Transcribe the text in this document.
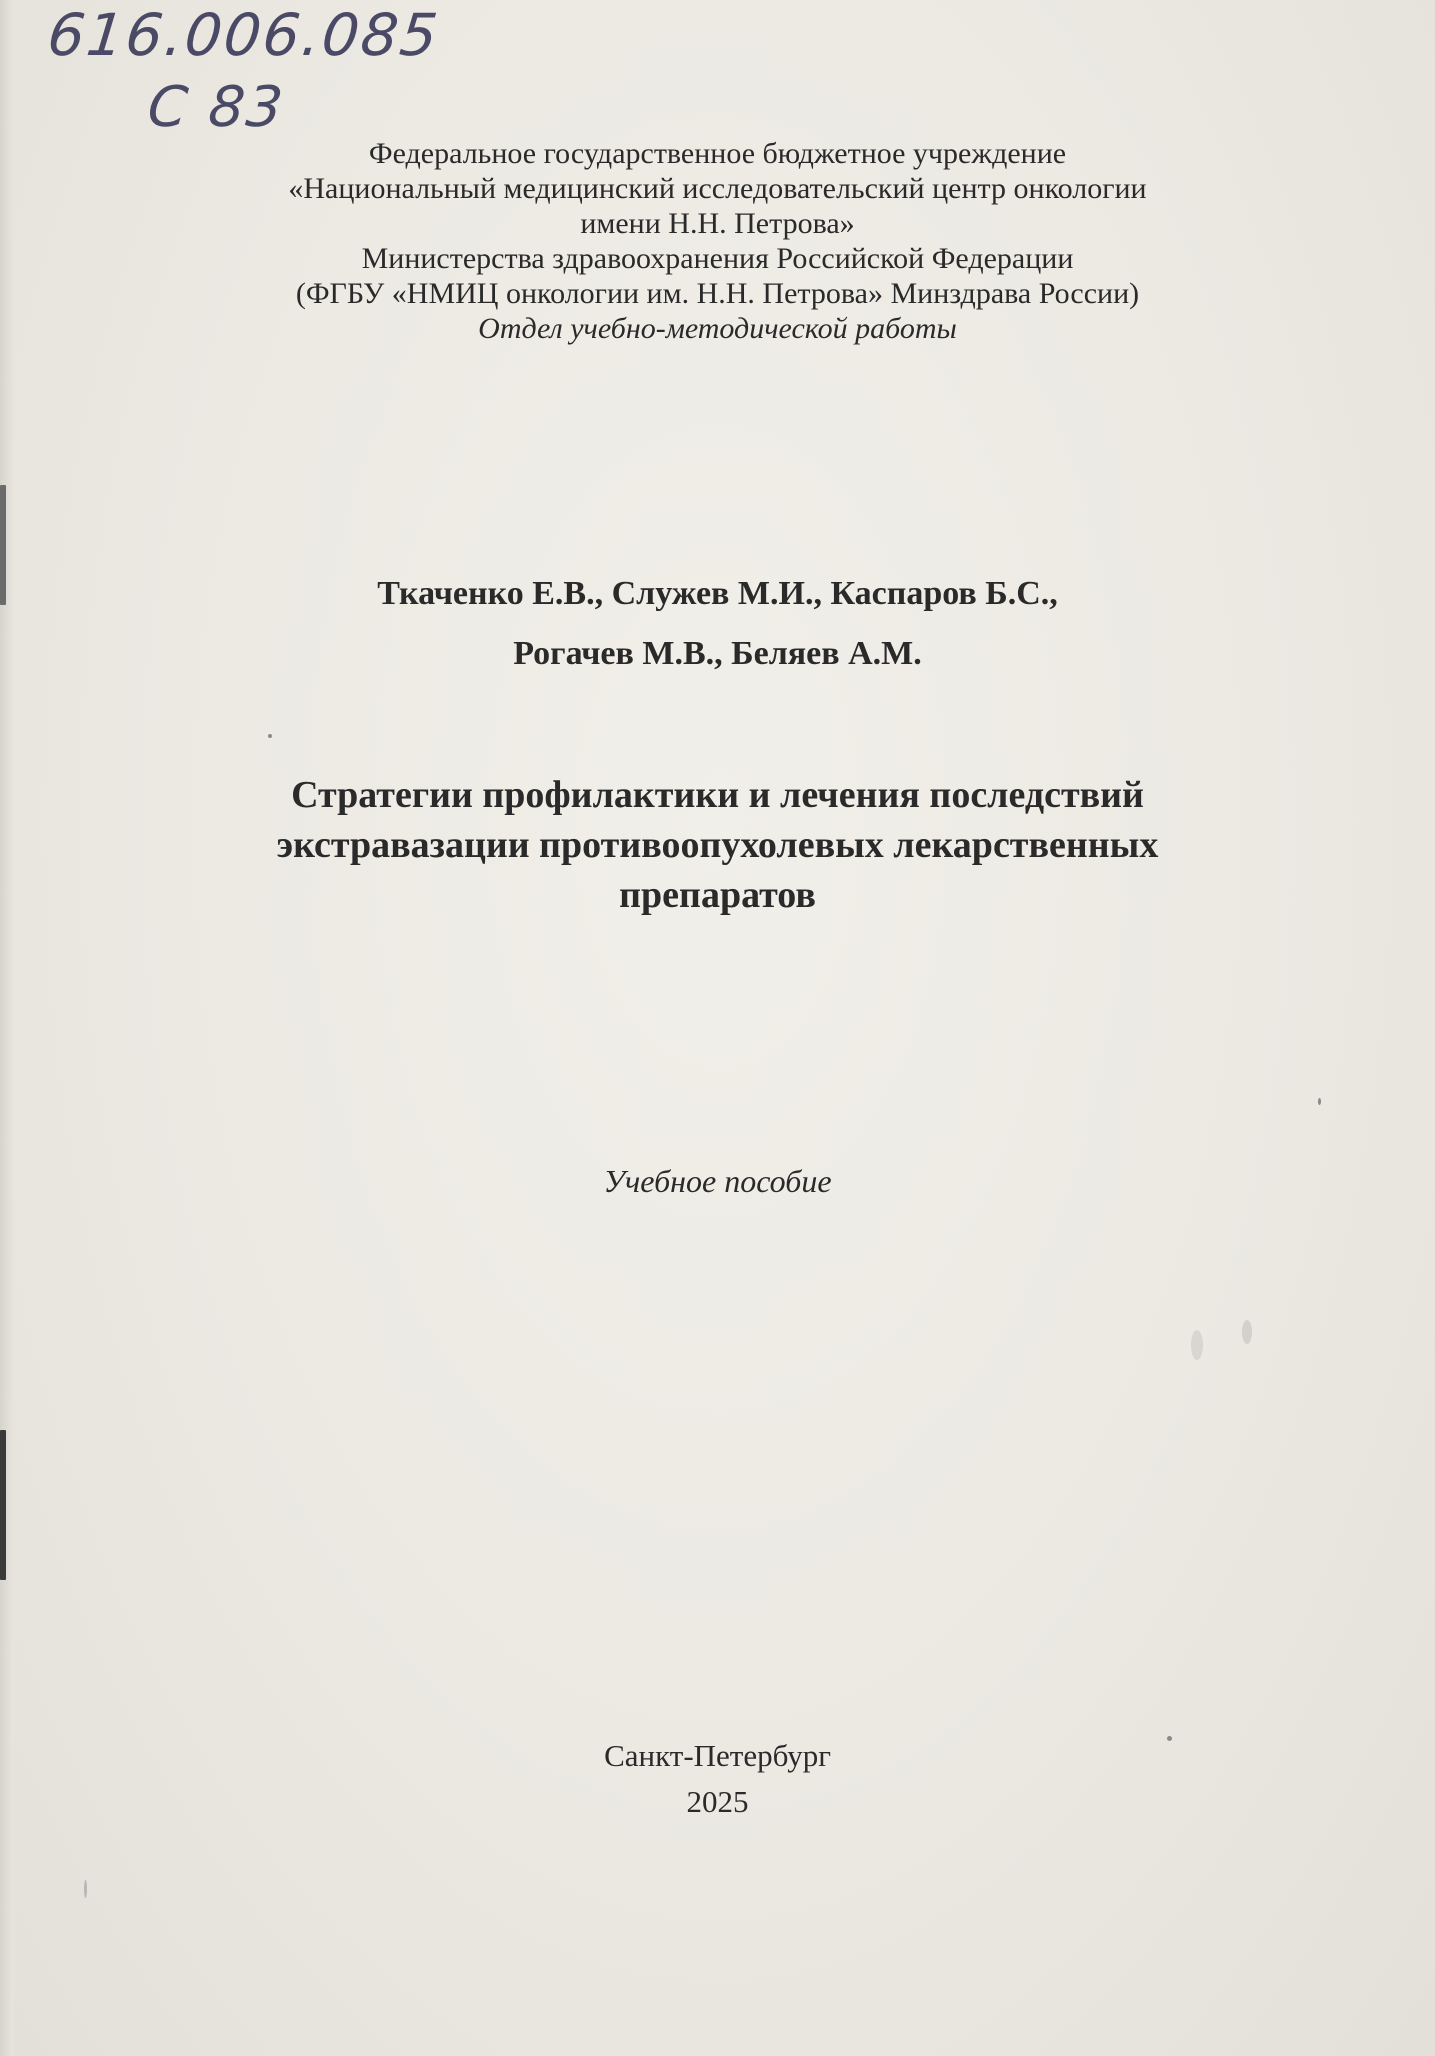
616.006.085
С 83
Федеральное государственное бюджетное учреждение
«Национальный медицинский исследовательский центр онкологии
имени Н.Н. Петрова»
Министерства здравоохранения Российской Федерации
(ФГБУ «НМИЦ онкологии им. Н.Н. Петрова» Минздрава России)
Отдел учебно-методической работы
Ткаченко Е.В., Служев М.И., Каспаров Б.С.,
Рогачев М.В., Беляев А.М.
Стратегии профилактики и лечения последствий
экстравазации противоопухолевых лекарственных
препаратов
Учебное пособие
Санкт-Петербург
2025
